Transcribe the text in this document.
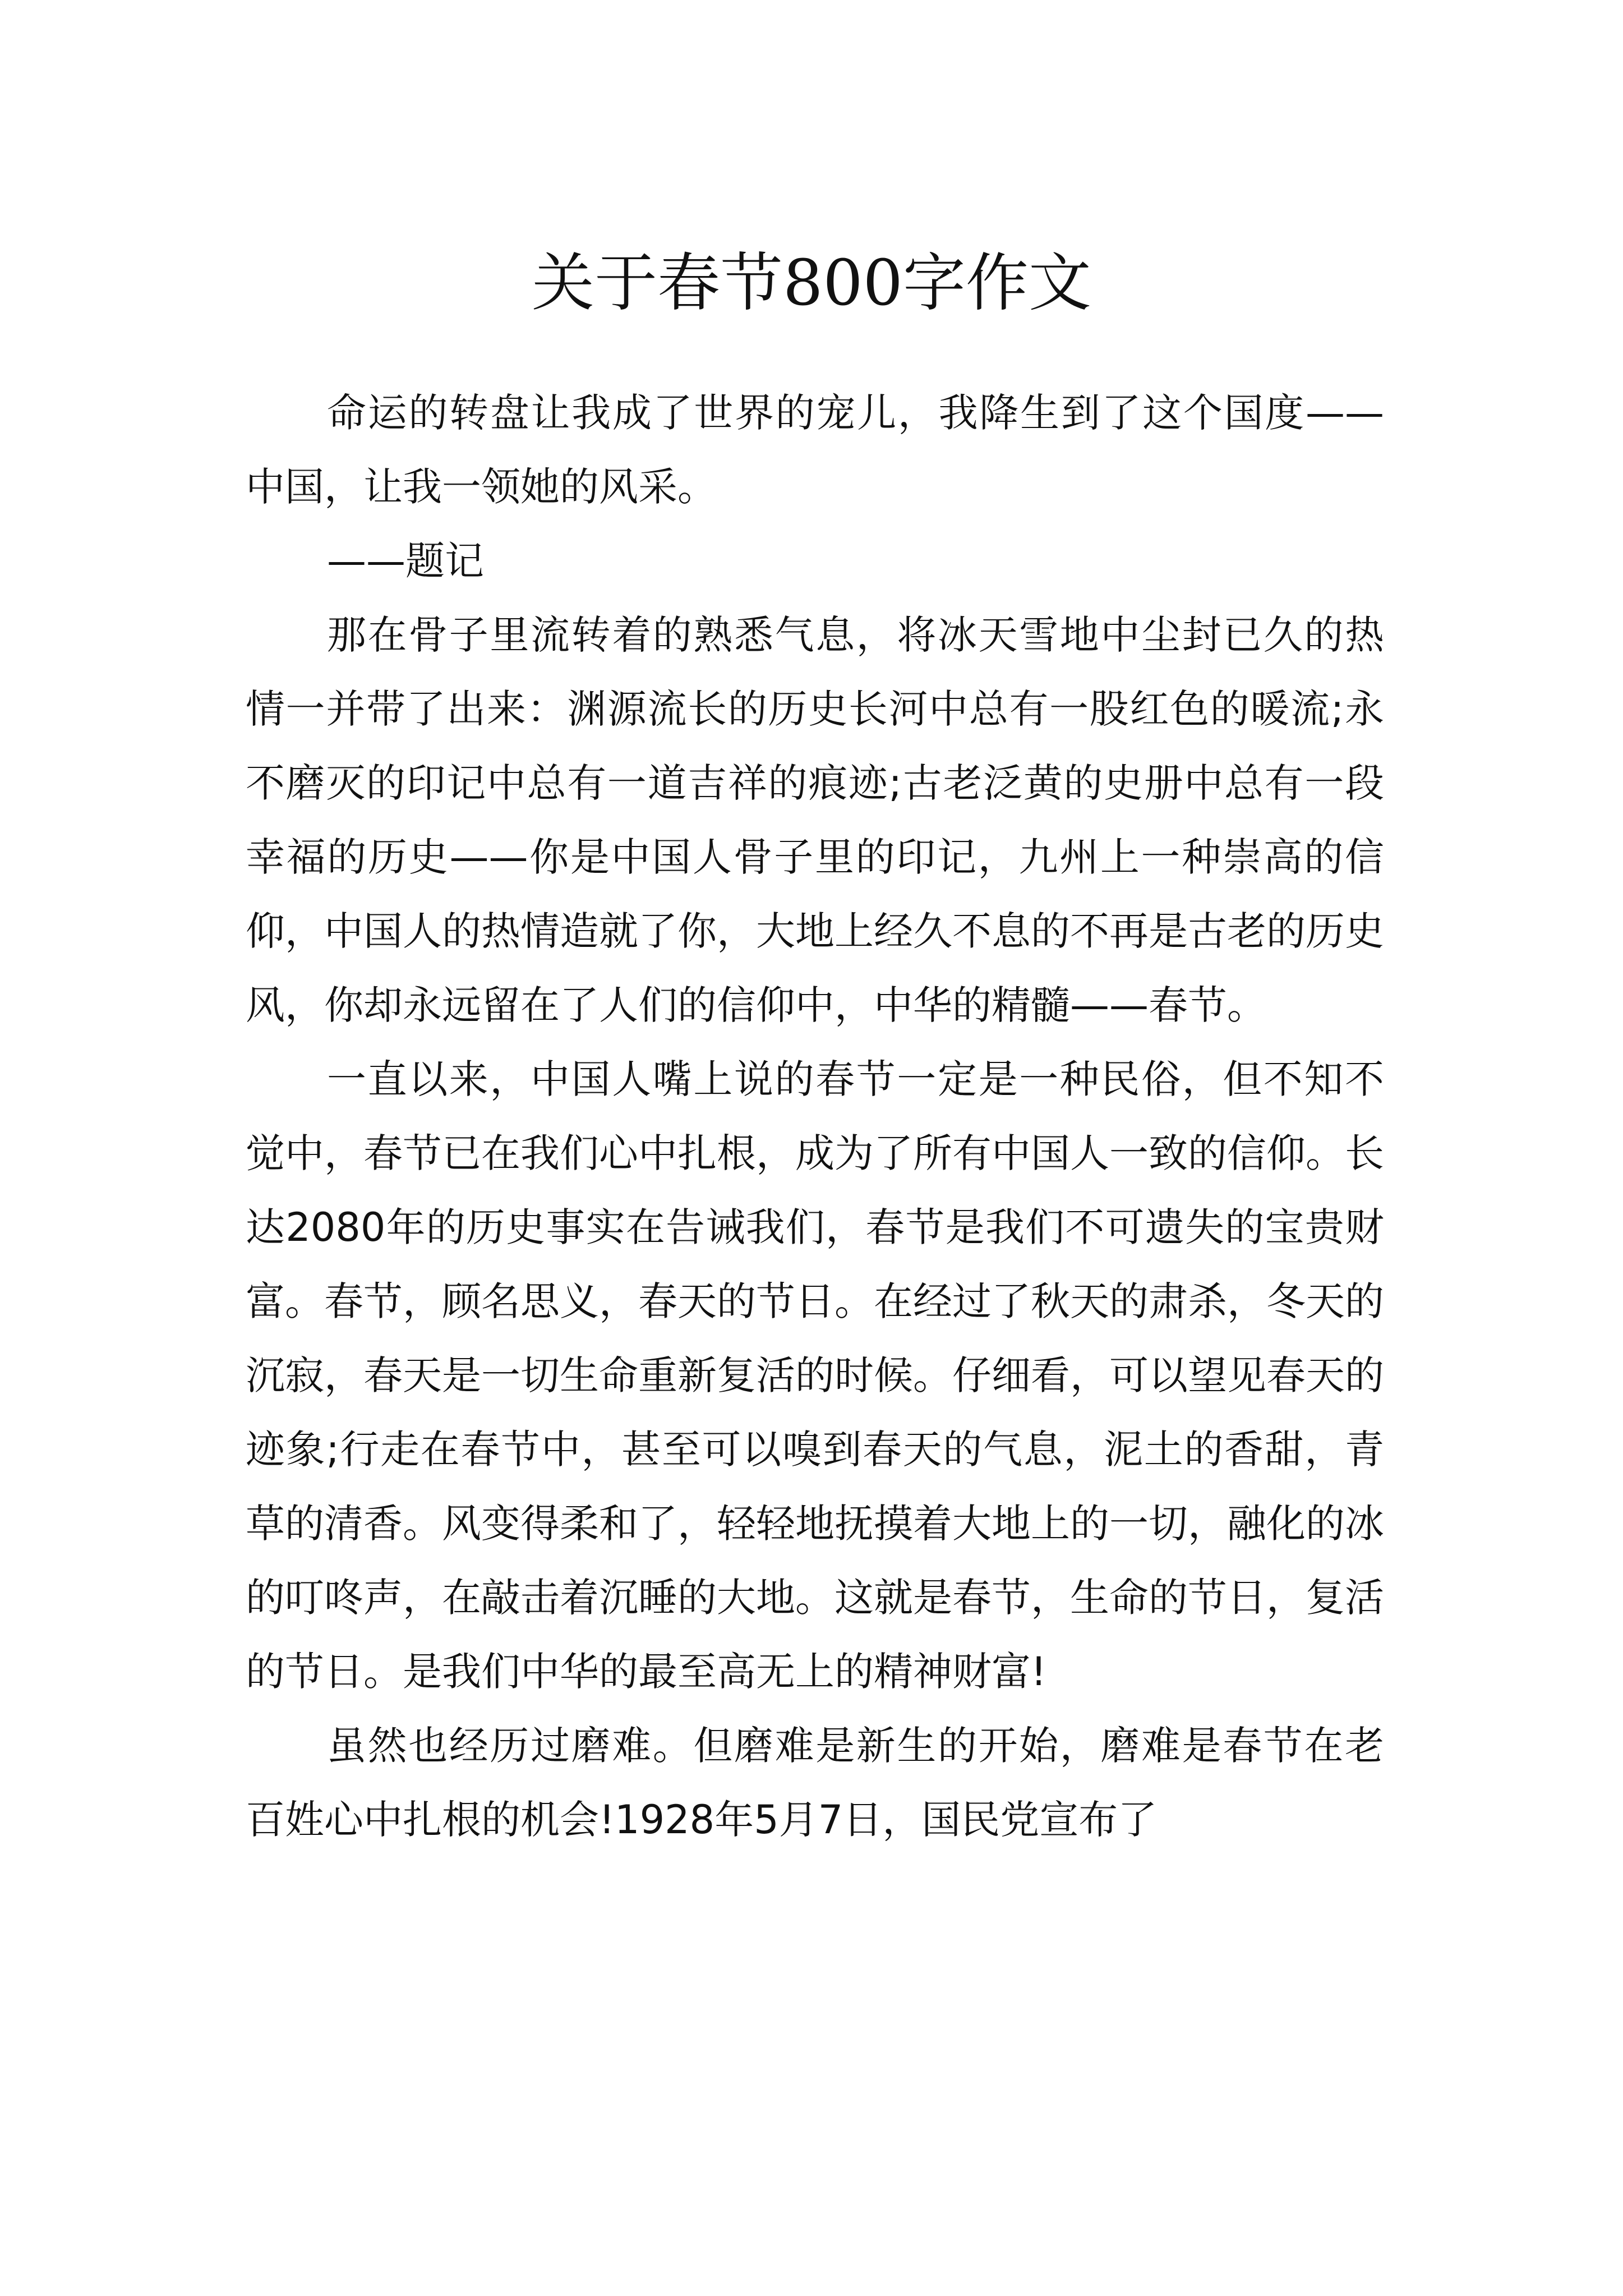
关于春节800字作文

命运的转盘让我成了世界的宠儿，我降生到了这个国度——中国，让我一领她的风采。

——题记

那在骨子里流转着的熟悉气息，将冰天雪地中尘封已久的热情一并带了出来：渊源流长的历史长河中总有一股红色的暖流;永不磨灭的印记中总有一道吉祥的痕迹;古老泛黄的史册中总有一段幸福的历史——你是中国人骨子里的印记，九州上一种崇高的信仰，中国人的热情造就了你，大地上经久不息的不再是古老的历史风，你却永远留在了人们的信仰中，中华的精髓——春节。

一直以来，中国人嘴上说的春节一定是一种民俗，但不知不觉中，春节已在我们心中扎根，成为了所有中国人一致的信仰。长达2080年的历史事实在告诫我们，春节是我们不可遗失的宝贵财富。春节，顾名思义，春天的节日。在经过了秋天的肃杀，冬天的沉寂，春天是一切生命重新复活的时候。仔细看，可以望见春天的迹象;行走在春节中，甚至可以嗅到春天的气息，泥土的香甜，青草的清香。风变得柔和了，轻轻地抚摸着大地上的一切，融化的冰的叮咚声，在敲击着沉睡的大地。这就是春节，生命的节日，复活的节日。是我们中华的最至高无上的精神财富!

虽然也经历过磨难。但磨难是新生的开始，磨难是春节在老百姓心中扎根的机会!1928年5月7日，国民党宣布了
